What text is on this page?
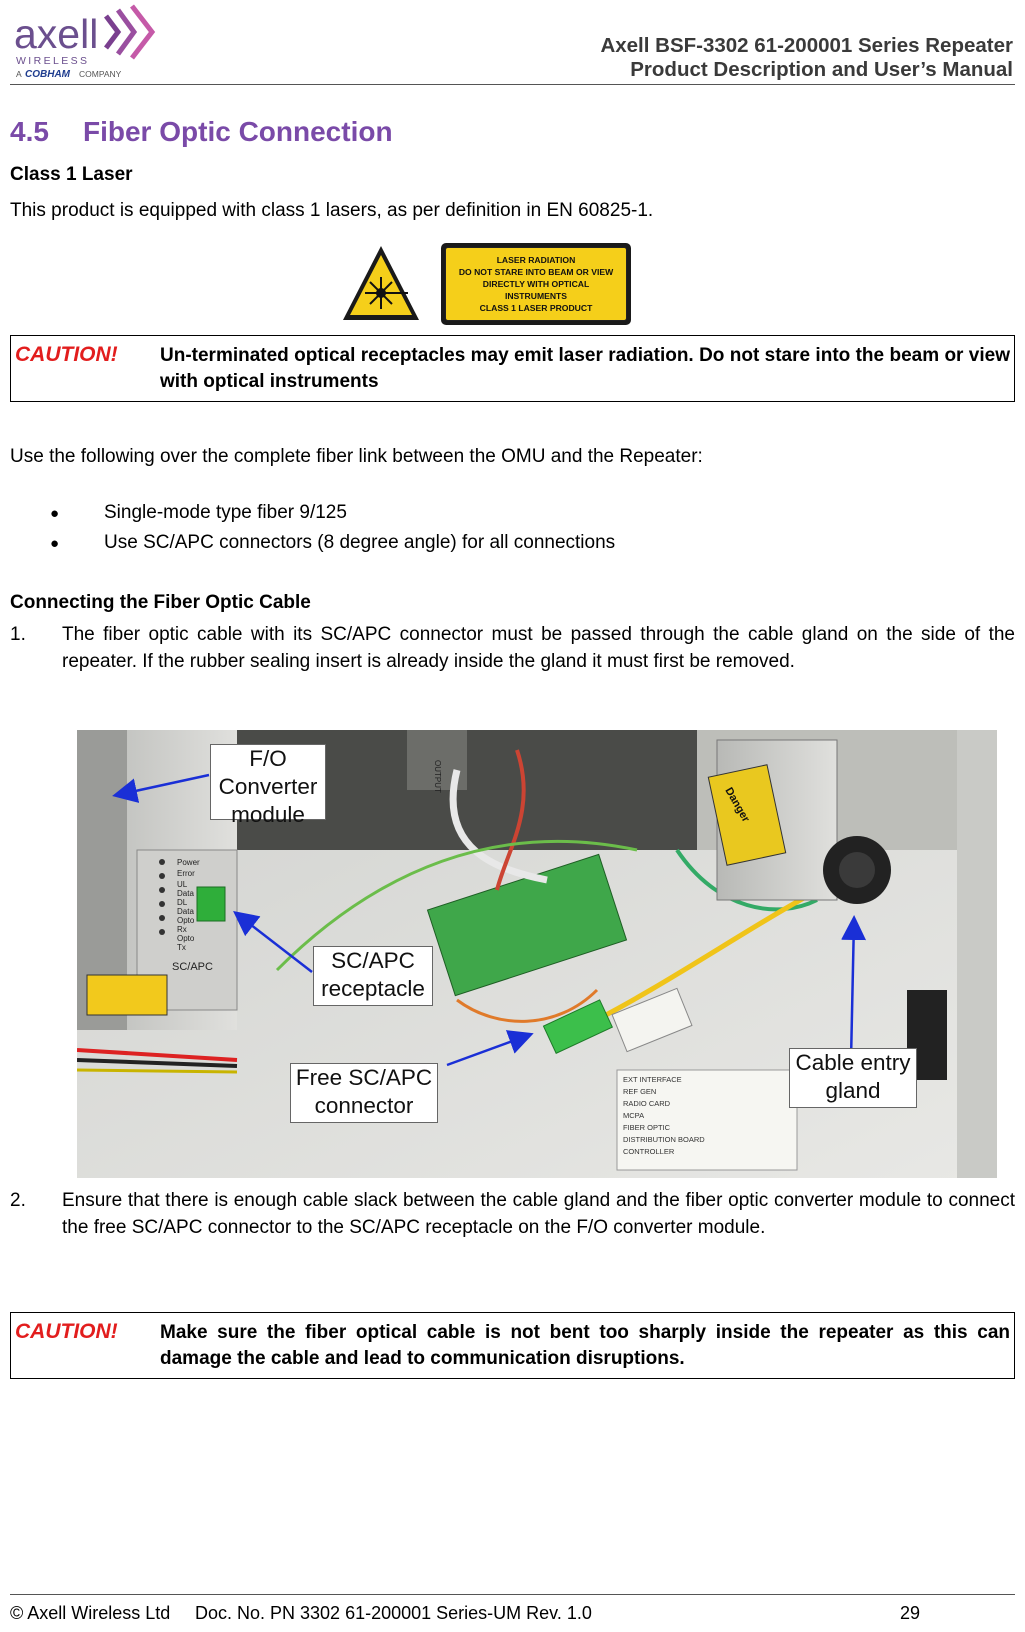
axell
WIRELESS
A COBHAM COMPANY
Axell BSF-3302 61-200001 Series Repeater
Product Description and User’s Manual
4.5 Fiber Optic Connection
Class 1 Laser
This product is equipped with class 1 lasers, as per definition in EN 60825-1.
LASER RADIATION
DO NOT STARE INTO BEAM OR VIEW
DIRECTLY WITH OPTICAL
INSTRUMENTS
CLASS 1 LASER PRODUCT
CAUTION! Un-terminated optical receptacles may emit laser radiation. Do not stare into the beam or view with optical instruments
Use the following over the complete fiber link between the OMU and the Repeater:
● Single-mode type fiber 9/125
● Use SC/APC connectors (8 degree angle) for all connections
Connecting the Fiber Optic Cable
1. The fiber optic cable with its SC/APC connector must be passed through the cable gland on the side of the repeater. If the rubber sealing insert is already inside the gland it must first be removed.
Power
Error
UL
Data
DL
Data
Opto
Rx
Opto
Tx
SC/APC
OUTPUT
Danger
EXT INTERFACE
REF GEN
RADIO CARD
MCPA
FIBER OPTIC
DISTRIBUTION BOARD
CONTROLLER
F/O Converter module
SC/APC receptacle
Free SC/APC connector
Cable entry gland
2. Ensure that there is enough cable slack between the cable gland and the fiber optic converter module to connect the free SC/APC connector to the SC/APC receptacle on the F/O converter module.
CAUTION! Make sure the fiber optical cable is not bent too sharply inside the repeater as this can damage the cable and lead to communication disruptions.
© Axell Wireless Ltd Doc. No. PN 3302 61-200001 Series-UM Rev. 1.0	29
